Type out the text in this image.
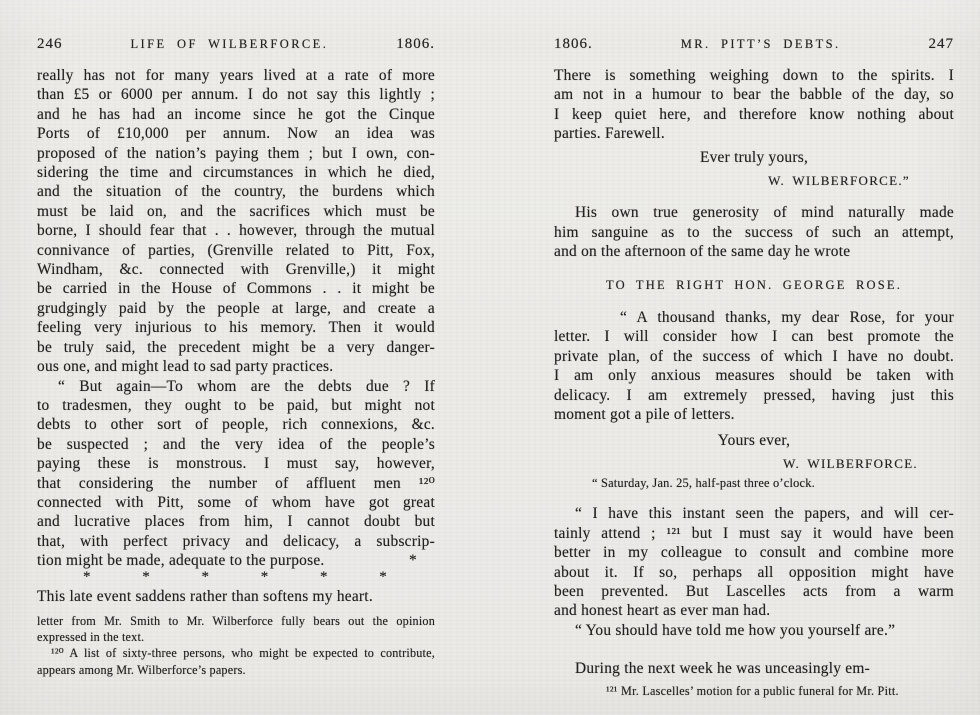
246	LIFE OF WILBERFORCE.	1806.
really has not for many years lived at a rate of more
than £5 or 6000 per annum. I do not say this lightly ;
and he has had an income since he got the Cinque
Ports of £10,000 per annum. Now an idea was
proposed of the nation’s paying them ; but I own, con-
sidering the time and circumstances in which he died,
and the situation of the country, the burdens which
must be laid on, and the sacrifices which must be
borne, I should fear that . . however, through the mutual
connivance of parties, (Grenville related to Pitt, Fox,
Windham, &c. connected with Grenville,) it might
be carried in the House of Commons . . it might be
grudgingly paid by the people at large, and create a
feeling very injurious to his memory. Then it would
be truly said, the precedent might be a very danger-
ous one, and might lead to sad party practices.
“ But again—To whom are the debts due ? If
to tradesmen, they ought to be paid, but might not
debts to other sort of people, rich connexions, &c.
be suspected ; and the very idea of the people’s
paying these is monstrous. I must say, however,
that considering the number of affluent men ¹²⁰
connected with Pitt, some of whom have got great
and lucrative places from him, I cannot doubt but
that, with perfect privacy and delicacy, a subscrip-
tion might be made, adequate to the purpose.	*
*	*	*	*	*	*
This late event saddens rather than softens my heart.
letter from Mr. Smith to Mr. Wilberforce fully bears out the opinion
expressed in the text.
¹²⁰ A list of sixty-three persons, who might be expected to contribute,
appears among Mr. Wilberforce’s papers.
1806.	MR. PITT’S DEBTS.	247
There is something weighing down to the spirits. I
am not in a humour to bear the babble of the day, so
I keep quiet here, and therefore know nothing about
parties. Farewell.
Ever truly yours,
W. WILBERFORCE.”
His own true generosity of mind naturally made
him sanguine as to the success of such an attempt,
and on the afternoon of the same day he wrote
TO THE RIGHT HON. GEORGE ROSE.
“ A thousand thanks, my dear Rose, for your
letter. I will consider how I can best promote the
private plan, of the success of which I have no doubt.
I am only anxious measures should be taken with
delicacy. I am extremely pressed, having just this
moment got a pile of letters.
Yours ever,
W. WILBERFORCE.
“ Saturday, Jan. 25, half-past three o’clock.
“ I have this instant seen the papers, and will cer-
tainly attend ; ¹²¹ but I must say it would have been
better in my colleague to consult and combine more
about it. If so, perhaps all opposition might have
been prevented. But Lascelles acts from a warm
and honest heart as ever man had.
“ You should have told me how you yourself are.”
During the next week he was unceasingly em-
¹²¹ Mr. Lascelles’ motion for a public funeral for Mr. Pitt.
